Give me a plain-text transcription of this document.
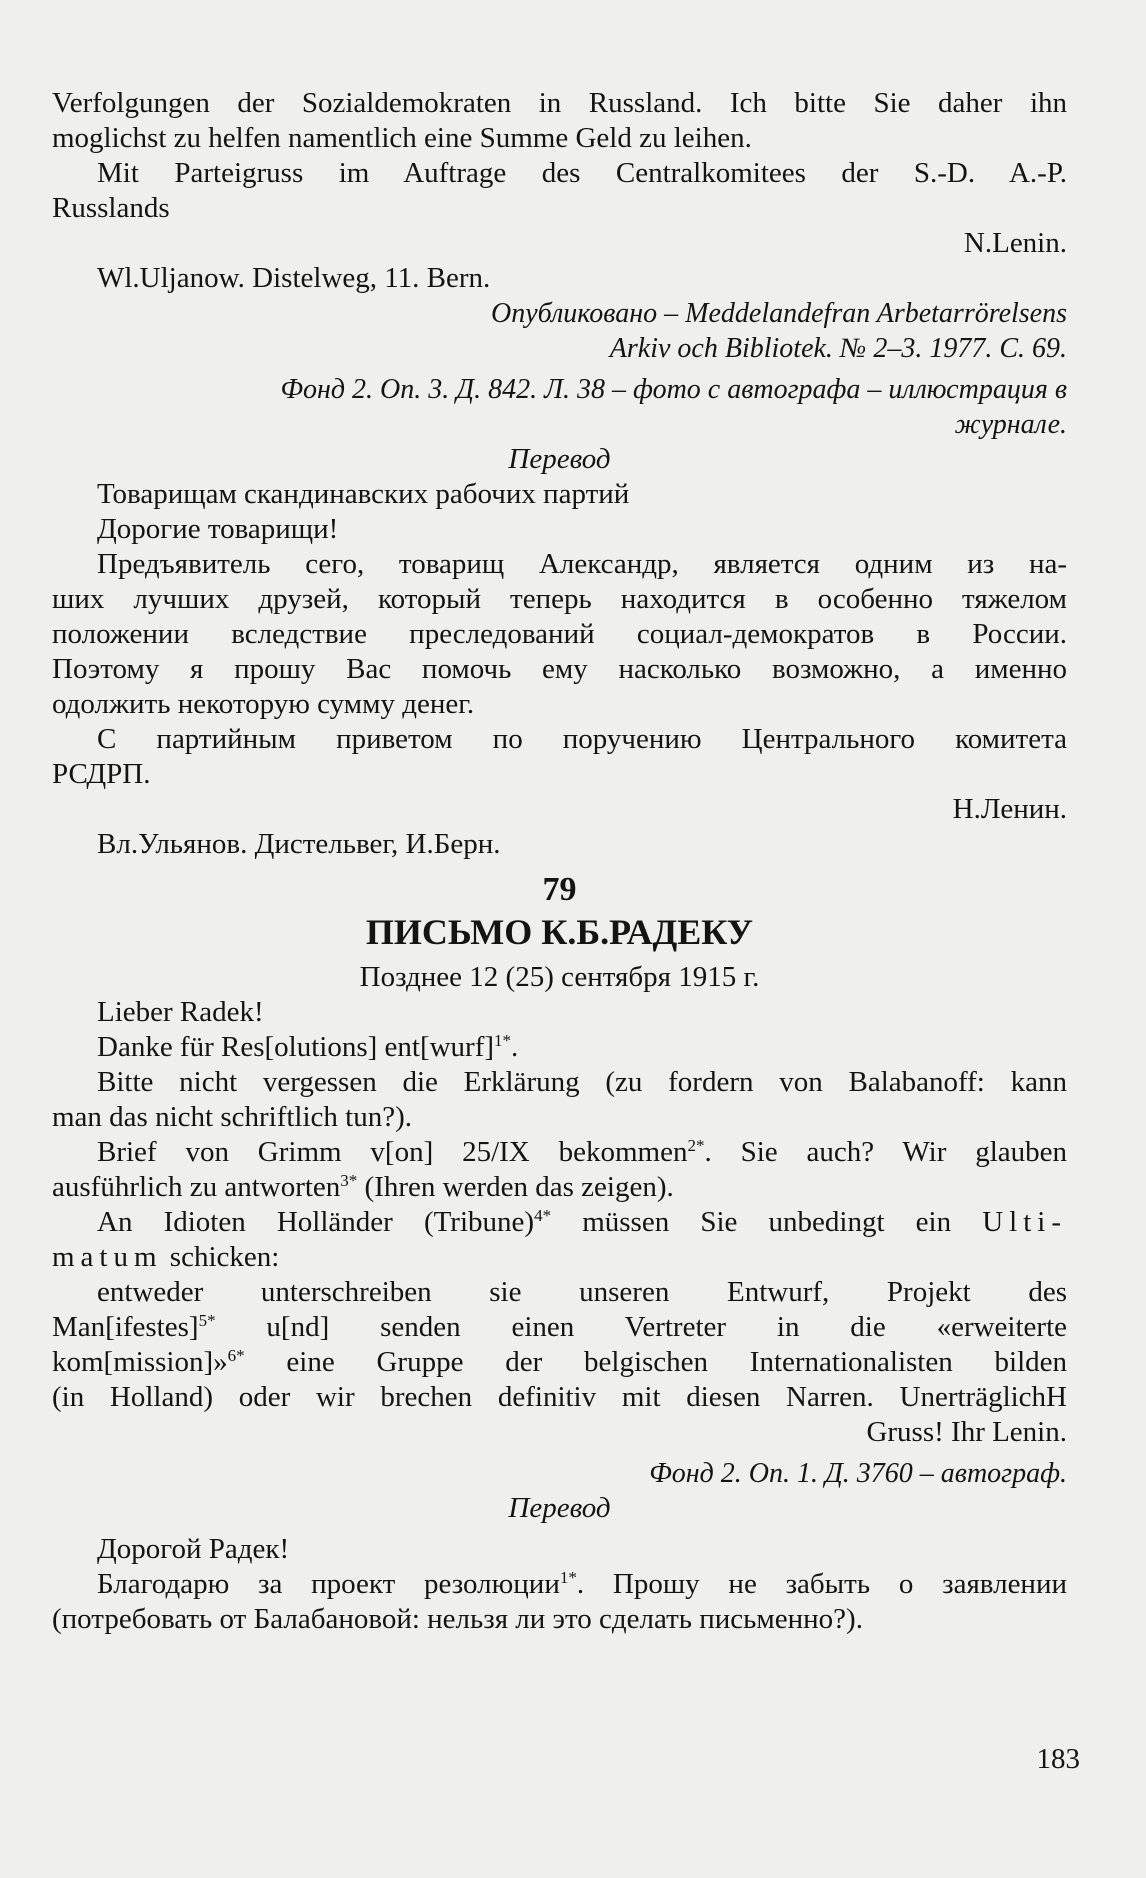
Verfolgungen der Sozialdemokraten in Russland. Ich bitte Sie daher ihn
moglichst zu helfen namentlich eine Summe Geld zu leihen.
Mit Parteigruss im Auftrage des Centralkomitees der S.-D. A.-P.
Russlands
N.Lenin.
Wl.Uljanow. Distelweg, 11. Bern.
Опубликовано – Meddelandefran Arbetarrörelsens
Arkiv och Bibliotek. № 2–3. 1977. С. 69.
Фонд 2. Оп. 3. Д. 842. Л. 38 – фото с автографа – иллюстрация в
журнале.
Перевод
Товарищам скандинавских рабочих партий
Дорогие товарищи!
Предъявитель сего, товарищ Александр, является одним из на-
ших лучших друзей, который теперь находится в особенно тяжелом
положении вследствие преследований социал-демократов в России.
Поэтому я прошу Вас помочь ему насколько возможно, а именно
одолжить некоторую сумму денег.
С партийным приветом по поручению Центрального комитета
РСДРП.
Н.Ленин.
Вл.Ульянов. Дистельвег, И.Берн.
79
ПИСЬМО К.Б.РАДЕКУ
Позднее 12 (25) сентября 1915 г.
Lieber Radek!
Danke für Res[olutions] ent[wurf]$^{1*}$.
Bitte nicht vergessen die Erklärung (zu fordern von Balabanoff: kann
man das nicht schriftlich tun?).
Brief von Grimm v[on] 25/IX bekommen$^{2*}$. Sie auch? Wir glauben
ausführlich zu antworten$^{3*}$ (Ihren werden das zeigen).
An Idioten Holländer (Tribune)$^{4*}$ müssen Sie unbedingt ein Ulti-
matum schicken:
entweder unterschreiben sie unseren Entwurf, Projekt des
Man[ifestes]$^{5*}$ u[nd] senden einen Vertreter in die «erweiterte
kom[mission]»$^{6*}$ eine Gruppe der belgischen Internationalisten bilden
(in Holland) oder wir brechen definitiv mit diesen Narren. UnerträglichH
Gruss! Ihr Lenin.
Фонд 2. Оп. 1. Д. 3760 – автограф.
Перевод
Дорогой Радек!
Благодарю за проект резолюции$^{1*}$. Прошу не забыть о заявлении
(потребовать от Балабановой: нельзя ли это сделать письменно?).
183
